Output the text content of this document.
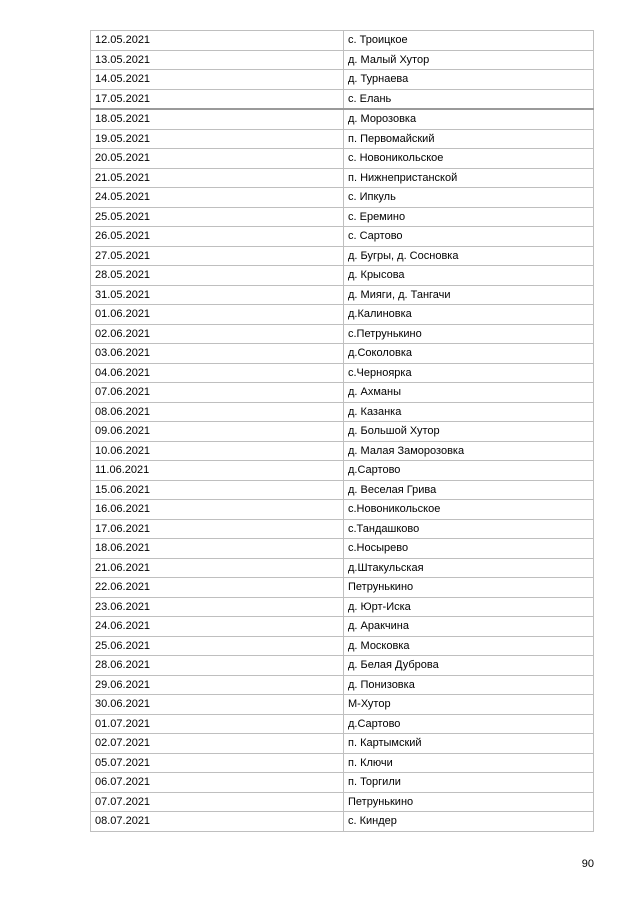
12.05.2021	с. Троицкое
13.05.2021	д. Малый Хутор
14.05.2021	д. Турнаева
17.05.2021	с. Елань
18.05.2021	д. Морозовка
19.05.2021	п. Первомайский
20.05.2021	с. Новоникольское
21.05.2021	п. Нижнепристанской
24.05.2021	с. Ипкуль
25.05.2021	с. Еремино
26.05.2021	с. Сартово
27.05.2021	д. Бугры, д. Сосновка
28.05.2021	д. Крысова
31.05.2021	д. Мияги, д. Тангачи
01.06.2021	д.Калиновка
02.06.2021	с.Петрунькино
03.06.2021	д.Соколовка
04.06.2021	с.Черноярка
07.06.2021	д. Ахманы
08.06.2021	д. Казанка
09.06.2021	д. Большой Хутор
10.06.2021	д. Малая Заморозовка
11.06.2021	д.Сартово
15.06.2021	д. Веселая Грива
16.06.2021	с.Новоникольское
17.06.2021	с.Тандашково
18.06.2021	с.Носырево
21.06.2021	д.Штакульская
22.06.2021	Петрунькино
23.06.2021	д. Юрт-Иска
24.06.2021	д. Аракчина
25.06.2021	д. Московка
28.06.2021	д. Белая Дуброва
29.06.2021	д. Понизовка
30.06.2021	М-Хутор
01.07.2021	д.Сартово
02.07.2021	п. Картымский
05.07.2021	п. Ключи
06.07.2021	п. Торгили
07.07.2021	Петрунькино
08.07.2021	с. Киндер
90
